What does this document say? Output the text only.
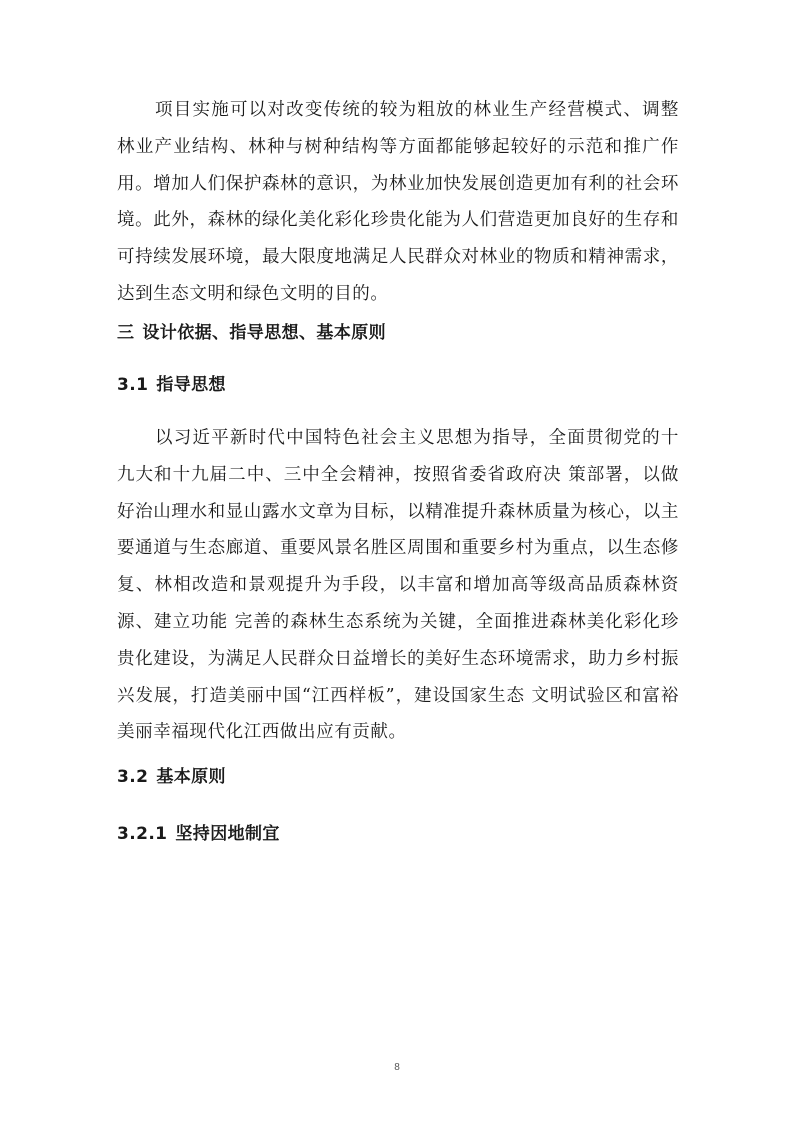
项目实施可以对改变传统的较为粗放的林业生产经营模式、调整林业产业结构、林种与树种结构等方面都能够起较好的示范和推广作用。增加人们保护森林的意识，为林业加快发展创造更加有利的社会环境。此外，森林的绿化美化彩化珍贵化能为人们营造更加良好的生存和可持续发展环境，最大限度地满足人民群众对林业的物质和精神需求，达到生态文明和绿色文明的目的。

三 设计依据、指导思想、基本原则
3.1 指导思想

以习近平新时代中国特色社会主义思想为指导，全面贯彻党的十九大和十九届二中、三中全会精神，按照省委省政府决 策部署，以做好治山理水和显山露水文章为目标，以精准提升森林质量为核心，以主要通道与生态廊道、重要风景名胜区周围和重要乡村为重点，以生态修复、林相改造和景观提升为手段，以丰富和增加高等级高品质森林资源、建立功能 完善的森林生态系统为关键，全面推进森林美化彩化珍贵化建设，为满足人民群众日益增长的美好生态环境需求，助力乡村振兴发展，打造美丽中国“江西样板”，建设国家生态 文明试验区和富裕美丽幸福现代化江西做出应有贡献。

3.2 基本原则
3.2.1 坚持因地制宜
8
